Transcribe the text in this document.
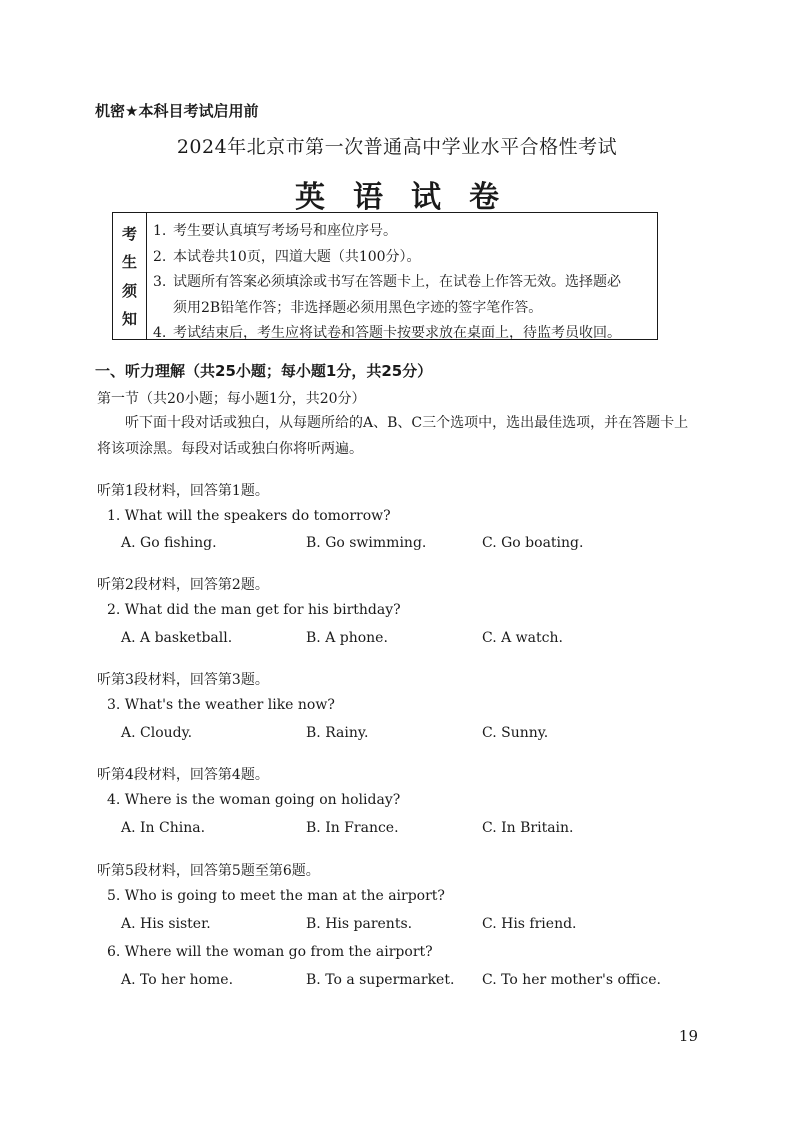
机密★本科目考试启用前
2024年北京市第一次普通高中学业水平合格性考试
英语试卷
考
生
须
知
1. 考生要认真填写考场号和座位序号。
2. 本试卷共10页，四道大题（共100分）。
3. 试题所有答案必须填涂或书写在答题卡上，在试卷上作答无效。选择题必
须用2B铅笔作答；非选择题必须用黑色字迹的签字笔作答。
4. 考试结束后，考生应将试卷和答题卡按要求放在桌面上，待监考员收回。
一、听力理解（共25小题；每小题1分，共25分）
第一节（共20小题；每小题1分，共20分）
听下面十段对话或独白，从每题所给的A、B、C三个选项中，选出最佳选项，并在答题卡上将该项涂黑。每段对话或独白你将听两遍。
听第1段材料，回答第1题。
1. What will the speakers do tomorrow?
A. Go fishing.	B. Go swimming.	C. Go boating.
听第2段材料，回答第2题。
2. What did the man get for his birthday?
A. A basketball.	B. A phone.	C. A watch.
听第3段材料，回答第3题。
3. What's the weather like now?
A. Cloudy.	B. Rainy.	C. Sunny.
听第4段材料，回答第4题。
4. Where is the woman going on holiday?
A. In China.	B. In France.	C. In Britain.
听第5段材料，回答第5题至第6题。
5. Who is going to meet the man at the airport?
A. His sister.	B. His parents.	C. His friend.
6. Where will the woman go from the airport?
A. To her home.	B. To a supermarket. C. To her mother's office.
19
